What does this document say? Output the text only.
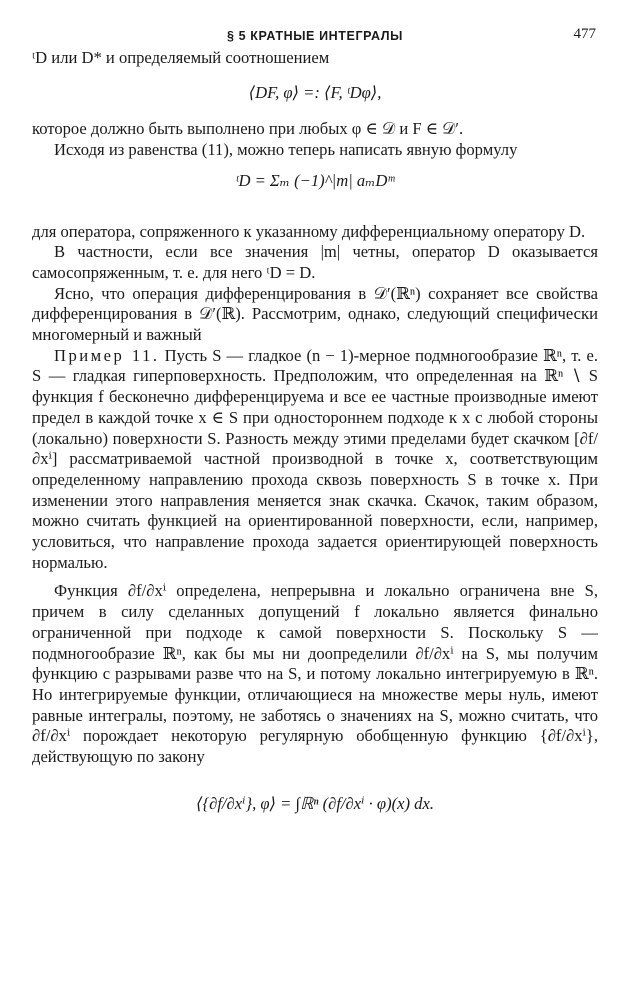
§ 5 КРАТНЫЕ ИНТЕГРАЛЫ	477

ᵗD или D* и определяемый соотношением

⟨DF, φ⟩ =: ⟨F, ᵗDφ⟩,

которое должно быть выполнено при любых φ ∈ 𝒟 и F ∈ 𝒟′.

Исходя из равенства (11), можно теперь написать явную формулу

ᵗD = Σₘ (−1)^|m| aₘDᵐ

для оператора, сопряженного к указанному дифференциальному оператору D.

В частности, если все значения |m| четны, оператор D оказывается самосопряженным, т. е. для него ᵗD = D.

Ясно, что операция дифференцирования в 𝒟′(ℝⁿ) сохраняет все свойства дифференцирования в 𝒟′(ℝ). Рассмотрим, однако, следующий специфически многомерный и важный

Пример 11. Пусть S — гладкое (n − 1)-мерное подмногообразие ℝⁿ, т. е. S — гладкая гиперповерхность. Предположим, что определенная на ℝⁿ ∖ S функция f бесконечно дифференцируема и все ее частные производные имеют предел в каждой точке x ∈ S при одностороннем подходе к x с любой стороны (локально) поверхности S. Разность между этими пределами будет скачком [∂f/∂xⁱ] рассматриваемой частной производной в точке x, соответствующим определенному направлению прохода сквозь поверхность S в точке x. При изменении этого направления меняется знак скачка. Скачок, таким образом, можно считать функцией на ориентированной поверхности, если, например, условиться, что направление прохода задается ориентирующей поверхность нормалью.

Функция ∂f/∂xⁱ определена, непрерывна и локально ограничена вне S, причем в силу сделанных допущений f локально является финально ограниченной при подходе к самой поверхности S. Поскольку S — подмногообразие ℝⁿ, как бы мы ни доопределили ∂f/∂xⁱ на S, мы получим функцию с разрывами разве что на S, и потому локально интегрируемую в ℝⁿ. Но интегрируемые функции, отличающиеся на множестве меры нуль, имеют равные интегралы, поэтому, не заботясь о значениях на S, можно считать, что ∂f/∂xⁱ порождает некоторую регулярную обобщенную функцию {∂f/∂xⁱ}, действующую по закону

⟨{∂f/∂xⁱ}, φ⟩ = ∫ℝⁿ (∂f/∂xⁱ · φ)(x) dx.
